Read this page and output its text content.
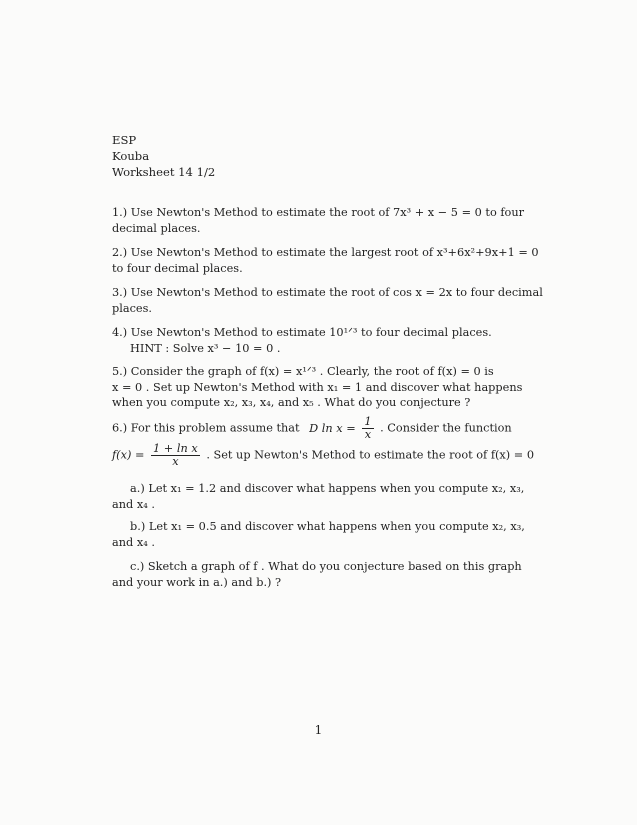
ESP
Kouba
Worksheet 14 1/2
1.) Use Newton's Method to estimate the root of 7x³ + x − 5 = 0 to four
decimal places.
2.) Use Newton's Method to estimate the largest root of x³+6x²+9x+1 = 0
to four decimal places.
3.) Use Newton's Method to estimate the root of cos x = 2x to four decimal
places.
4.) Use Newton's Method to estimate 10¹ᐟ³ to four decimal places.
HINT : Solve x³ − 10 = 0 .
5.) Consider the graph of f(x) = x¹ᐟ³ . Clearly, the root of f(x) = 0 is
x = 0 . Set up Newton's Method with x₁ = 1 and discover what happens
when you compute x₂, x₃, x₄, and x₅ . What do you conjecture ?
6.) For this problem assume that D $\ln x = \frac{1}{x}$ . Consider the function
$f(x) = \frac{\text{1 + ln x}}{x}$ . Set up Newton's Method to estimate the root of f(x) = 0
a.) Let x₁ = 1.2 and discover what happens when you compute x₂, x₃,
and x₄ .
b.) Let x₁ = 0.5 and discover what happens when you compute x₂, x₃,
and x₄ .
c.) Sketch a graph of f . What do you conjecture based on this graph
and your work in a.) and b.) ?
1
